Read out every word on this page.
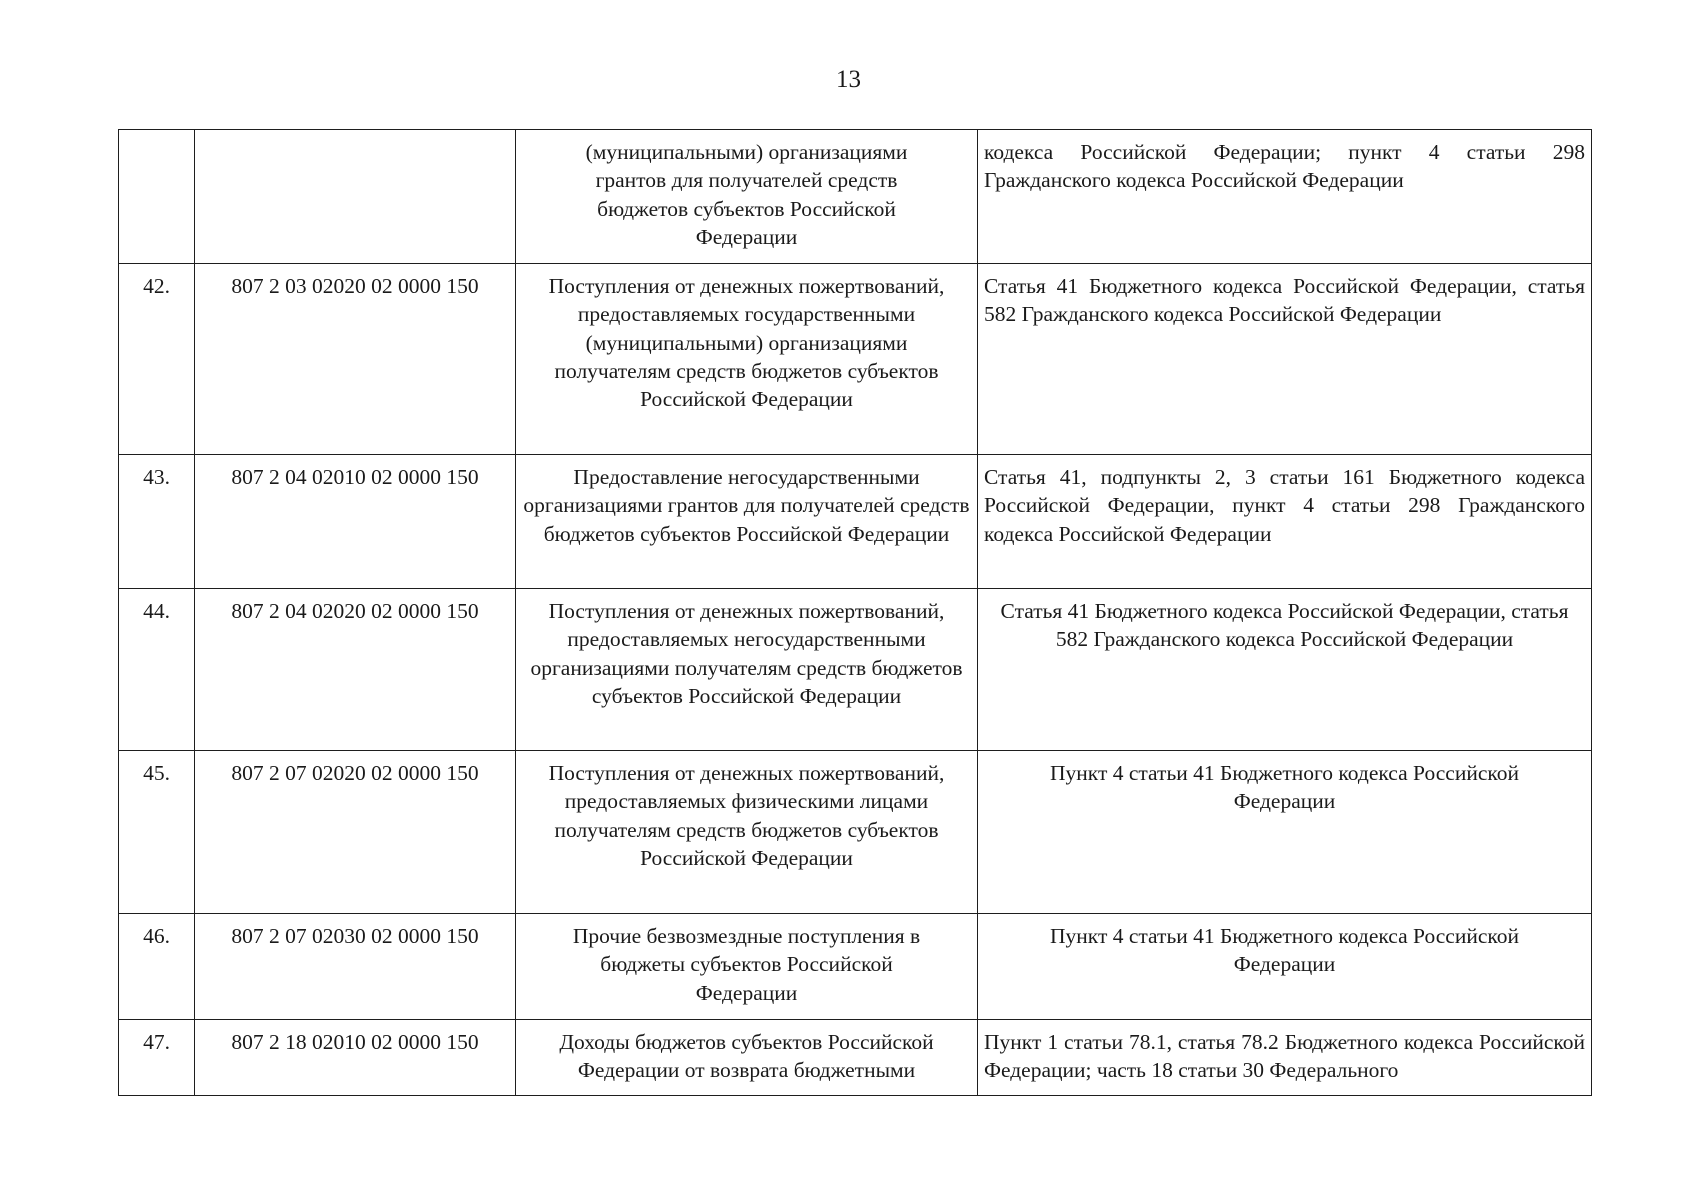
13
		(муниципальными) организациями грантов для получателей средств бюджетов субъектов Российской Федерации	кодекса Российской Федерации; пункт 4 статьи 298 Гражданского кодекса Российской Федерации
42.	807 2 03 02020 02 0000 150	Поступления от денежных пожертвований, предоставляемых государственными (муниципальными) организациями получателям средств бюджетов субъектов Российской Федерации	Статья 41 Бюджетного кодекса Российской Федерации, статья 582 Гражданского кодекса Российской Федерации
43.	807 2 04 02010 02 0000 150	Предоставление негосударственными организациями грантов для получателей средств бюджетов субъектов Российской Федерации	Статья 41, подпункты 2, 3 статьи 161 Бюджетного кодекса Российской Федерации, пункт 4 статьи 298 Гражданского кодекса Российской Федерации
44.	807 2 04 02020 02 0000 150	Поступления от денежных пожертвований, предоставляемых негосударственными организациями получателям средств бюджетов субъектов Российской Федерации	Статья 41 Бюджетного кодекса Российской Федерации, статья 582 Гражданского кодекса Российской Федерации
45.	807 2 07 02020 02 0000 150	Поступления от денежных пожертвований, предоставляемых физическими лицами получателям средств бюджетов субъектов Российской Федерации	Пункт 4 статьи 41 Бюджетного кодекса Российской Федерации
46.	807 2 07 02030 02 0000 150	Прочие безвозмездные поступления в бюджеты субъектов Российской Федерации	Пункт 4 статьи 41 Бюджетного кодекса Российской Федерации
47.	807 2 18 02010 02 0000 150	Доходы бюджетов субъектов Российской Федерации от возврата бюджетными	Пункт 1 статьи 78.1, статья 78.2 Бюджетного кодекса Российской Федерации; часть 18 статьи 30 Федерального
